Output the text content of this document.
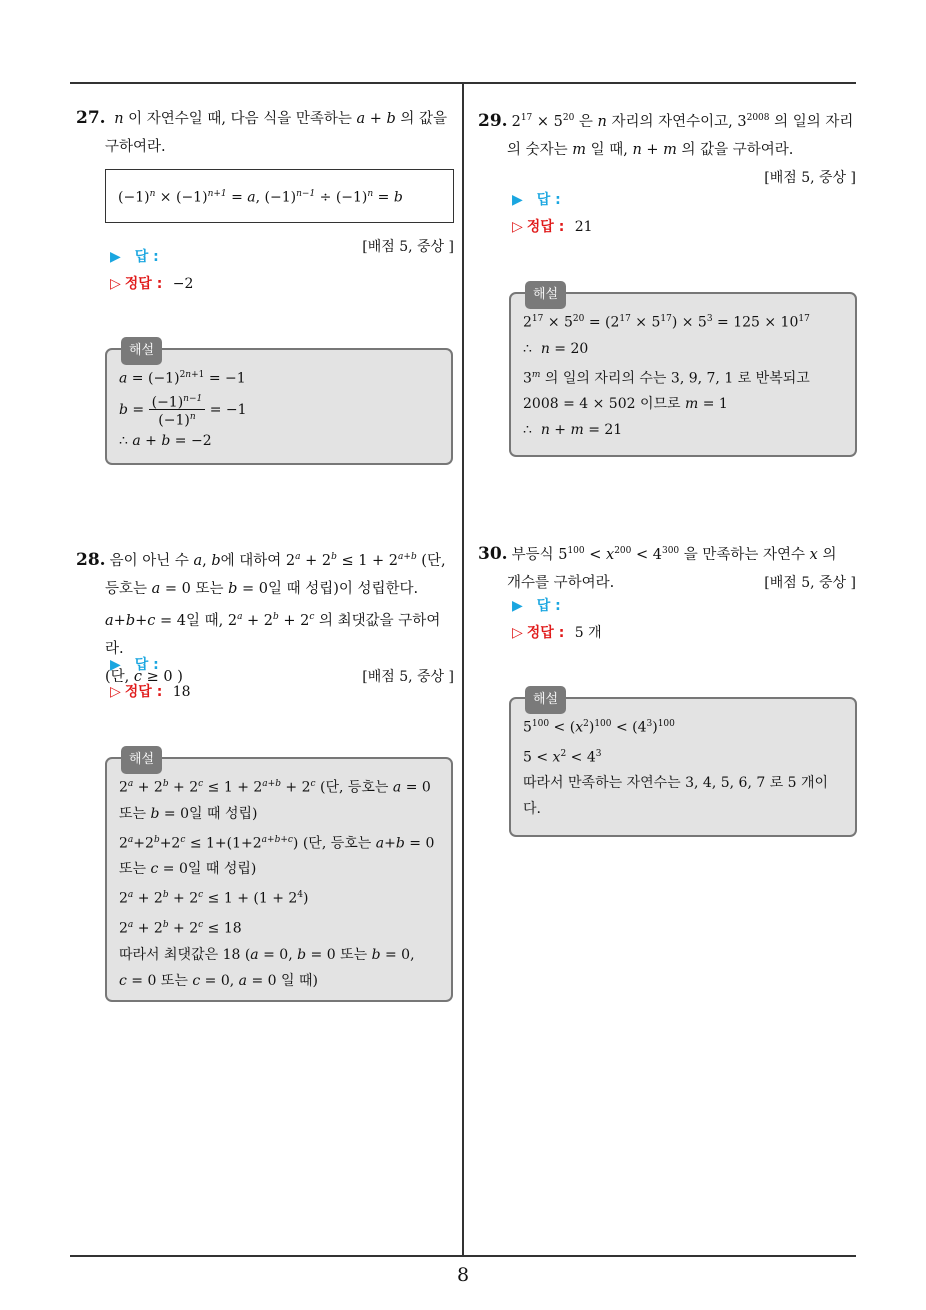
27. n 이 자연수일 때, 다음 식을 만족하는 a + b 의 값을
구하여라.
$(-1)^n \times (-1)^{n+1} = a$, $(-1)^{n-1} \div (-1)^n = b$
[배점 5, 중상 ]
▶ 답 :
▷ 정답 : −2
해설
$a = (-1)^{2n+1} = -1$
$b = \frac{(-1)^{n-1}}{(-1)^n} = -1$
∴ a + b = −2
28. 음이 아닌 수 a, b에 대하여 $2^a + 2^b \le 1 + 2^{a+b}$ (단,
등호는 a = 0 또는 b = 0일 때 성립)이 성립한다.
a+b+c = 4일 때, $2^a + 2^b + 2^c$ 의 최댓값을 구하여라.
(단, c ≥ 0 )	[배점 5, 중상 ]
▶ 답 :
▷ 정답 : 18
해설
$2^a + 2^b + 2^c \le 1 + 2^{a+b} + 2^c$ (단, 등호는 a = 0
또는 b = 0일 때 성립)
$2^a+2^b+2^c \le 1+(1+2^{a+b+c})$ (단, 등호는 a+b = 0
또는 c = 0일 때 성립)
$2^a + 2^b + 2^c \le 1 + (1 + 2^4)$
$2^a + 2^b + 2^c \le 18$
따라서 최댓값은 18 (a = 0, b = 0 또는 b = 0,
c = 0 또는 c = 0, a = 0 일 때)
29. $2^{17} \times 5^{20}$ 은 n 자리의 자연수이고, $3^{2008}$ 의 일의 자리
의 숫자는 m 일 때, n + m 의 값을 구하여라.
[배점 5, 중상 ]
▶ 답 :
▷ 정답 : 21
해설
$2^{17} \times 5^{20} = (2^{17} \times 5^{17}) \times 5^3 = 125 \times 10^{17}$
∴  n = 20
3$^m$ 의 일의 자리의 수는 3, 9, 7, 1 로 반복되고
2008 = 4 × 502 이므로 m = 1
∴  n + m = 21
30. 부등식 $5^{100} < x^{200} < 4^{300}$ 을 만족하는 자연수 x 의
개수를 구하여라.	[배점 5, 중상 ]
▶ 답 :
▷ 정답 : 5 개
해설
$5^{100} < (x^2)^{100} < (4^3)^{100}$
$5 < x^2 < 4^3$
따라서 만족하는 자연수는 3, 4, 5, 6, 7 로 5 개이
다.
8
